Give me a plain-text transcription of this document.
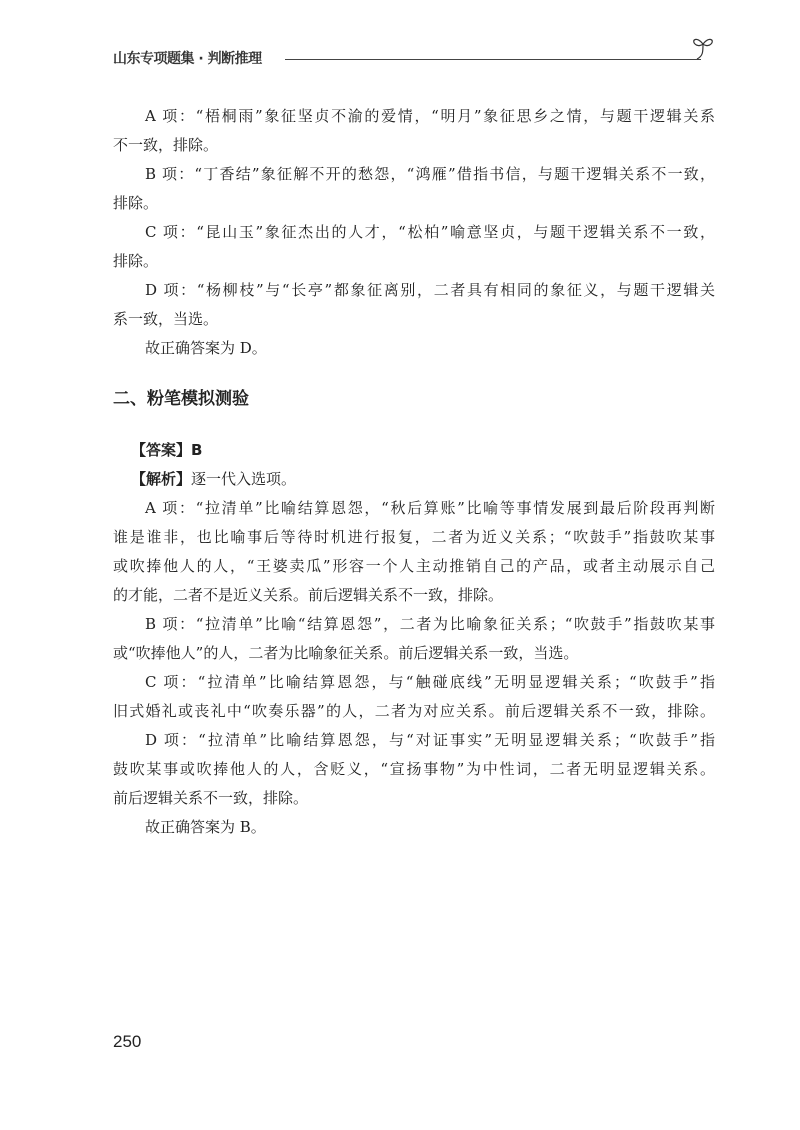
山东专项题集 · 判断推理
A 项：“梧桐雨”象征坚贞不渝的爱情，“明月”象征思乡之情，与题干逻辑关系
不一致，排除。
B 项：“丁香结”象征解不开的愁怨，“鸿雁”借指书信，与题干逻辑关系不一致，
排除。
C 项：“昆山玉”象征杰出的人才，“松柏”喻意坚贞，与题干逻辑关系不一致，
排除。
D 项：“杨柳枝”与“长亭”都象征离别，二者具有相同的象征义，与题干逻辑关
系一致，当选。
故正确答案为 D。
二、粉笔模拟测验
【答案】B
【解析】逐一代入选项。
A 项：“拉清单”比喻结算恩怨，“秋后算账”比喻等事情发展到最后阶段再判断
谁是谁非，也比喻事后等待时机进行报复，二者为近义关系；“吹鼓手”指鼓吹某事
或吹捧他人的人，“王婆卖瓜”形容一个人主动推销自己的产品，或者主动展示自己
的才能，二者不是近义关系。前后逻辑关系不一致，排除。
B 项：“拉清单”比喻“结算恩怨”，二者为比喻象征关系；“吹鼓手”指鼓吹某事
或“吹捧他人”的人，二者为比喻象征关系。前后逻辑关系一致，当选。
C 项：“拉清单”比喻结算恩怨，与“触碰底线”无明显逻辑关系；“吹鼓手”指
旧式婚礼或丧礼中“吹奏乐器”的人，二者为对应关系。前后逻辑关系不一致，排除。
D 项：“拉清单”比喻结算恩怨，与“对证事实”无明显逻辑关系；“吹鼓手”指
鼓吹某事或吹捧他人的人，含贬义，“宣扬事物”为中性词，二者无明显逻辑关系。
前后逻辑关系不一致，排除。
故正确答案为 B。
250
